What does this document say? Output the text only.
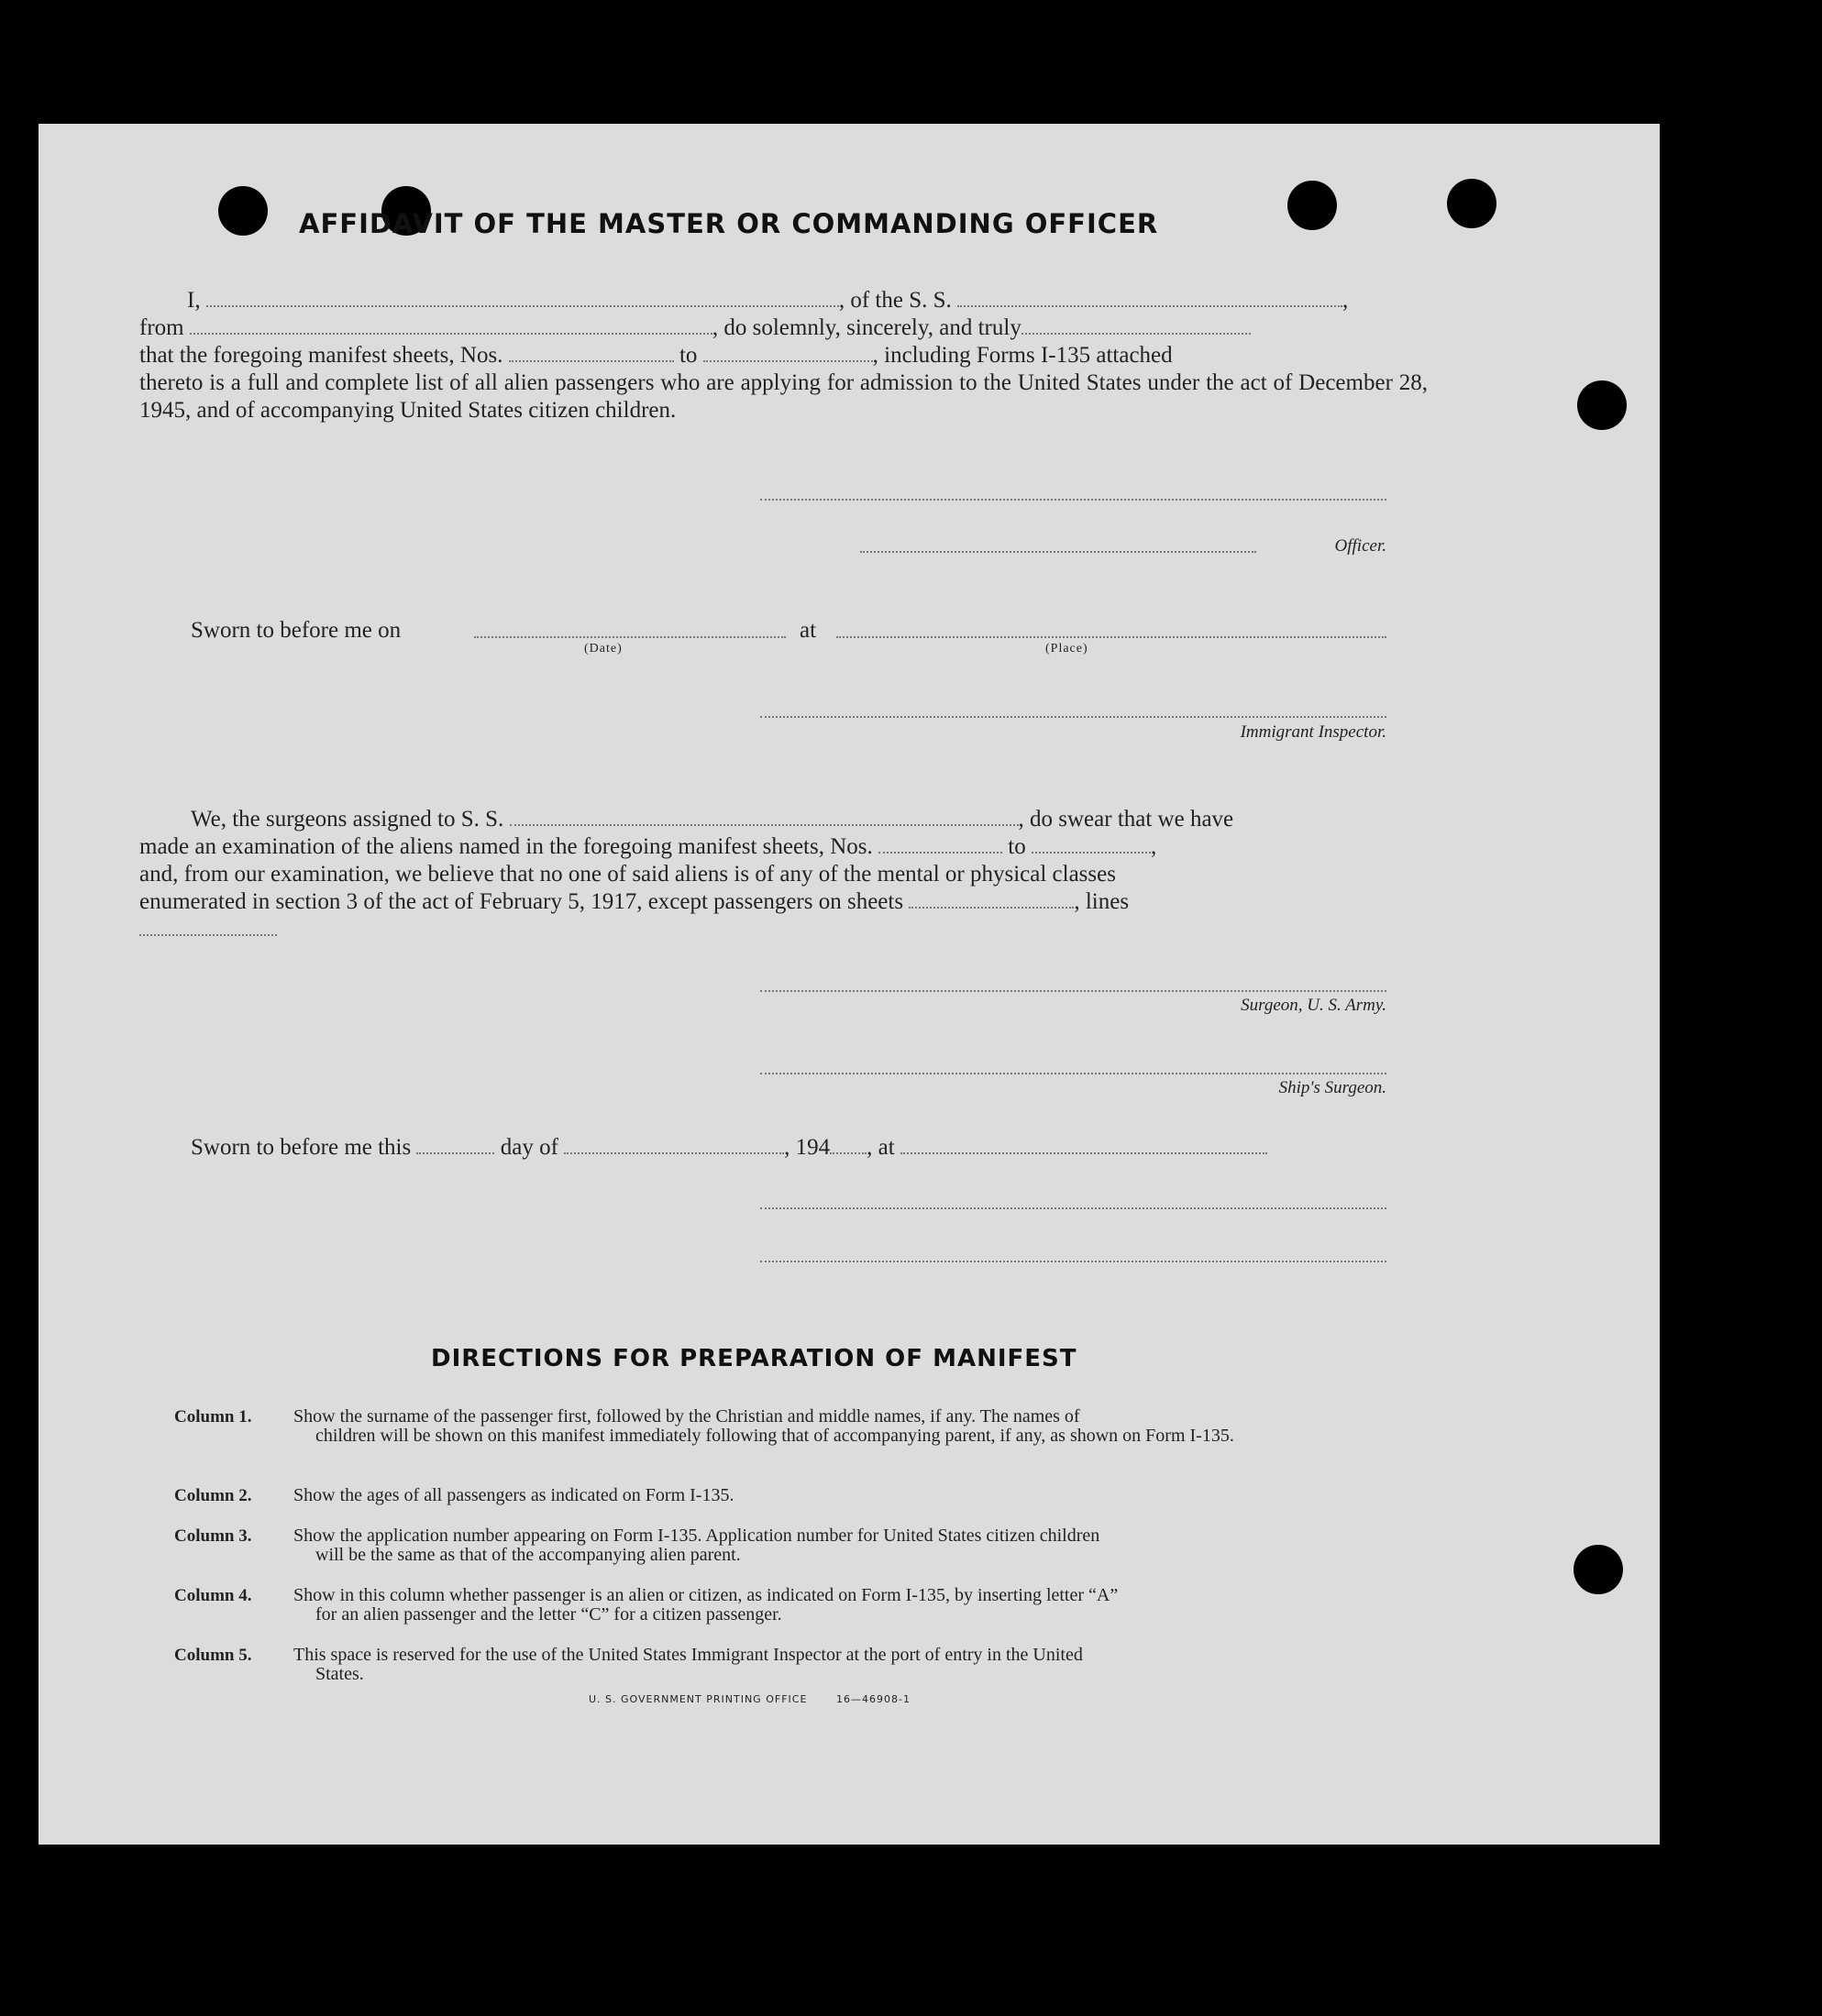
AFFIDAVIT OF THE MASTER OR COMMANDING OFFICER
I,	, of the S. S.	,
from	, do solemnly, sincerely, and truly
that the foregoing manifest sheets, Nos.	to	, including Forms I-135 attached
thereto is a full and complete list of all alien passengers who are applying for admission to the United States under the act of December 28, 1945, and of accompanying United States citizen children.
Officer.
Sworn to before me on	at
(Date)	(Place)
Immigrant Inspector.
We, the surgeons assigned to S. S.	, do swear that we have
made an examination of the aliens named in the foregoing manifest sheets, Nos.	to	,
and, from our examination, we believe that no one of said aliens is of any of the mental or physical classes
enumerated in section 3 of the act of February 5, 1917, except passengers on sheets	, lines
Surgeon, U. S. Army.
Ship's Surgeon.
Sworn to before me this	day of	, 194 , at
DIRECTIONS FOR PREPARATION OF MANIFEST
Column 1. Show the surname of the passenger first, followed by the Christian and middle names, if any. The names of
children will be shown on this manifest immediately following that of accompanying parent, if any, as shown on Form I-135.
Column 2. Show the ages of all passengers as indicated on Form I-135.
Column 3. Show the application number appearing on Form I-135. Application number for United States citizen children
will be the same as that of the accompanying alien parent.
Column 4. Show in this column whether passenger is an alien or citizen, as indicated on Form I-135, by inserting letter “A”
for an alien passenger and the letter “C” for a citizen passenger.
Column 5. This space is reserved for the use of the United States Immigrant Inspector at the port of entry in the United
States.
U. S. GOVERNMENT PRINTING OFFICE	16—46908-1
